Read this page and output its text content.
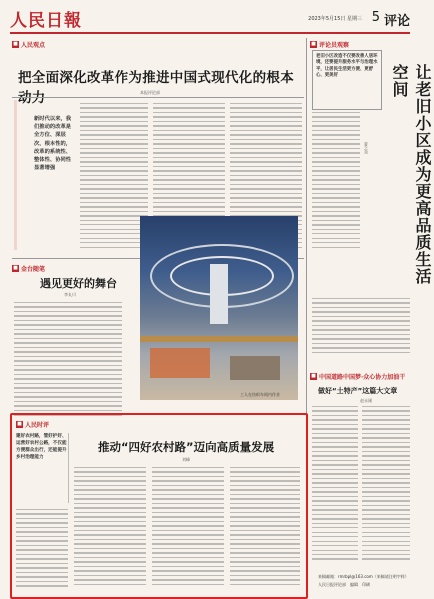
人民日報	2023年5月15日 星期三 5 评论
■ 人民观点
把全面深化改革作为推进中国式现代化的根本动力	本报评论部
新时代以来，我们推动的改革是全方位、深层次、根本性的，改革的系统性、整体性、协同性显著增强
■ 评论员观察
老旧小区改造不仅要改善人居环境，还要提升服务水平与治理水平，让居民生活更方便、更舒心、更美好	让老旧小区成为更高品质生活空间
夏之炎
■ 金台随笔
遇见更好的舞台
李丸川
工人在纺织车间内作业
■ 中国道路中国梦·众心协力加油干
做好“土特产”这篇大文章
赵永刚
■ 人民时评
建好农村路，管好护好、运营好农村公路，不仅能方便群众出行，还能提升乡村治理能力
推动“四好农村路”迈向高质量发展
刘峰
来稿邮箱：rmrbpl@163.com（来稿请注明字样）
人民日报评论部　编辑　印刷
